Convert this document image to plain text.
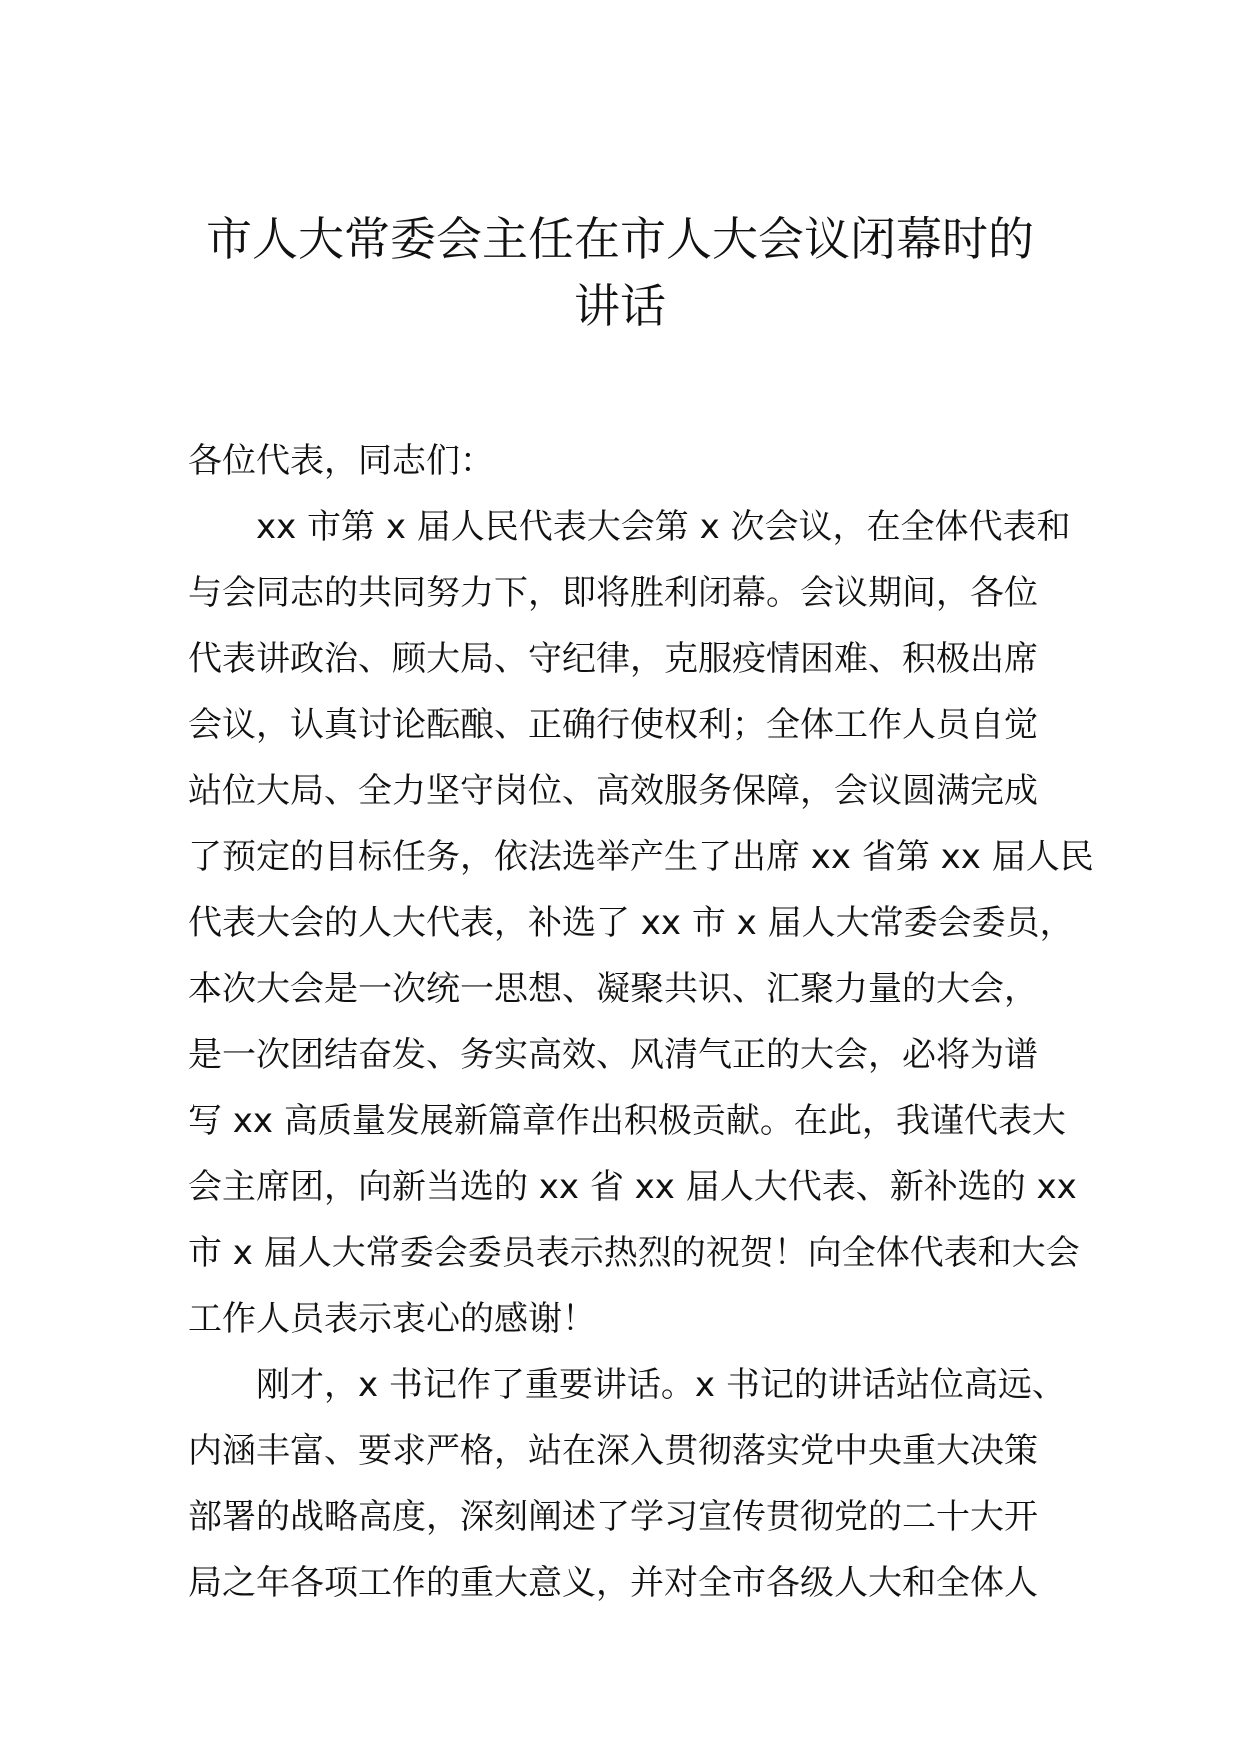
市人大常委会主任在市人大会议闭幕时的
讲话
各位代表，同志们：
xx 市第 x 届人民代表大会第 x 次会议，在全体代表和
与会同志的共同努力下，即将胜利闭幕。会议期间，各位
代表讲政治、顾大局、守纪律，克服疫情困难、积极出席
会议，认真讨论酝酿、正确行使权利；全体工作人员自觉
站位大局、全力坚守岗位、高效服务保障，会议圆满完成
了预定的目标任务，依法选举产生了出席 xx 省第 xx 届人民
代表大会的人大代表，补选了 xx 市 x 届人大常委会委员，
本次大会是一次统一思想、凝聚共识、汇聚力量的大会，
是一次团结奋发、务实高效、风清气正的大会，必将为谱
写 xx 高质量发展新篇章作出积极贡献。在此，我谨代表大
会主席团，向新当选的 xx 省 xx 届人大代表、新补选的 xx
市 x 届人大常委会委员表示热烈的祝贺！向全体代表和大会
工作人员表示衷心的感谢！
刚才，x 书记作了重要讲话。x 书记的讲话站位高远、
内涵丰富、要求严格，站在深入贯彻落实党中央重大决策
部署的战略高度，深刻阐述了学习宣传贯彻党的二十大开
局之年各项工作的重大意义，并对全市各级人大和全体人
